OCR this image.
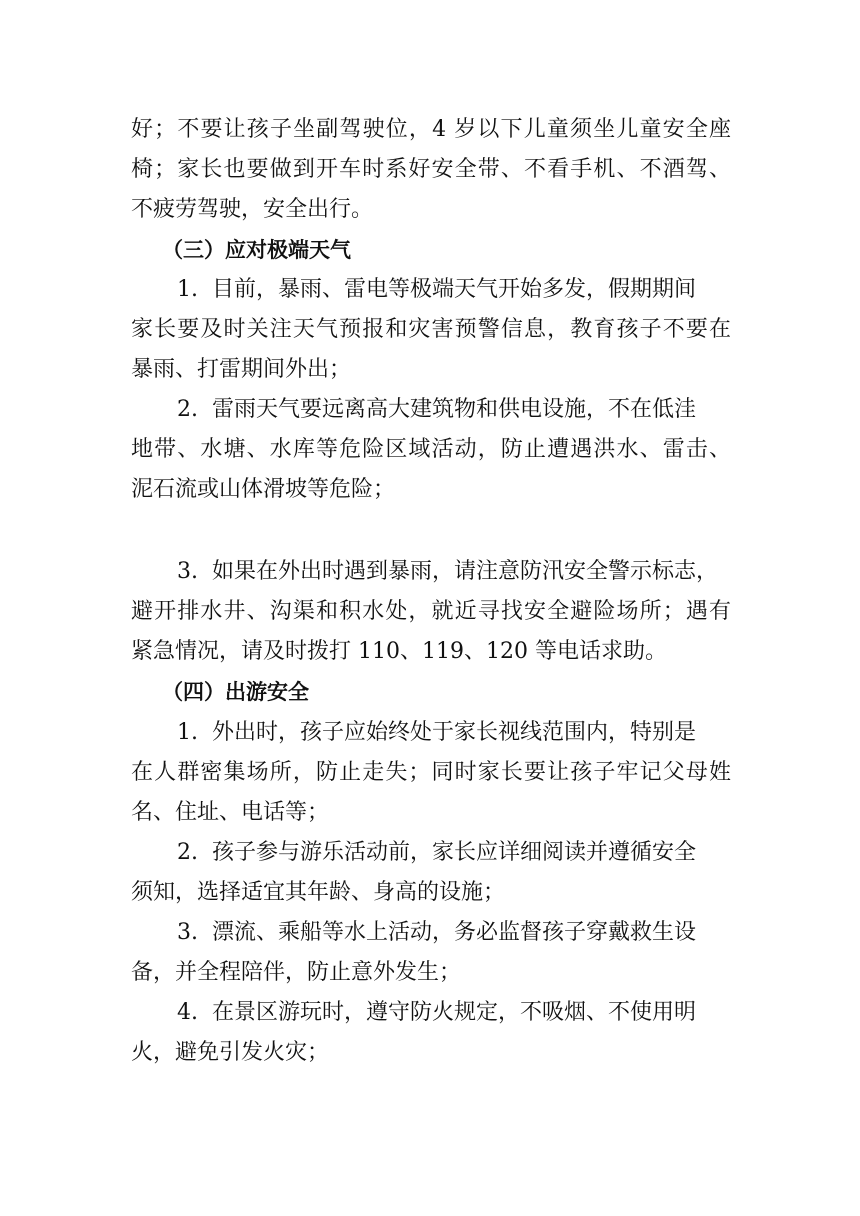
好；不要让孩子坐副驾驶位，4 岁以下儿童须坐儿童安全座

椅；家长也要做到开车时系好安全带、不看手机、不酒驾、

不疲劳驾驶，安全出行。

（三）应对极端天气

1.  目前，暴雨、雷电等极端天气开始多发，假期期间

家长要及时关注天气预报和灾害预警信息，教育孩子不要在

暴雨、打雷期间外出；

2.  雷雨天气要远离高大建筑物和供电设施，不在低洼

地带、水塘、水库等危险区域活动，防止遭遇洪水、雷击、

泥石流或山体滑坡等危险；

3.  如果在外出时遇到暴雨，请注意防汛安全警示标志，

避开排水井、沟渠和积水处，就近寻找安全避险场所；遇有

紧急情况，请及时拨打 110、119、120 等电话求助。

（四）出游安全

1.  外出时，孩子应始终处于家长视线范围内，特别是

在人群密集场所，防止走失；同时家长要让孩子牢记父母姓

名、住址、电话等；

2.  孩子参与游乐活动前，家长应详细阅读并遵循安全

须知，选择适宜其年龄、身高的设施；

3.  漂流、乘船等水上活动，务必监督孩子穿戴救生设

备，并全程陪伴，防止意外发生；

4.  在景区游玩时，遵守防火规定，不吸烟、不使用明

火，避免引发火灾；
